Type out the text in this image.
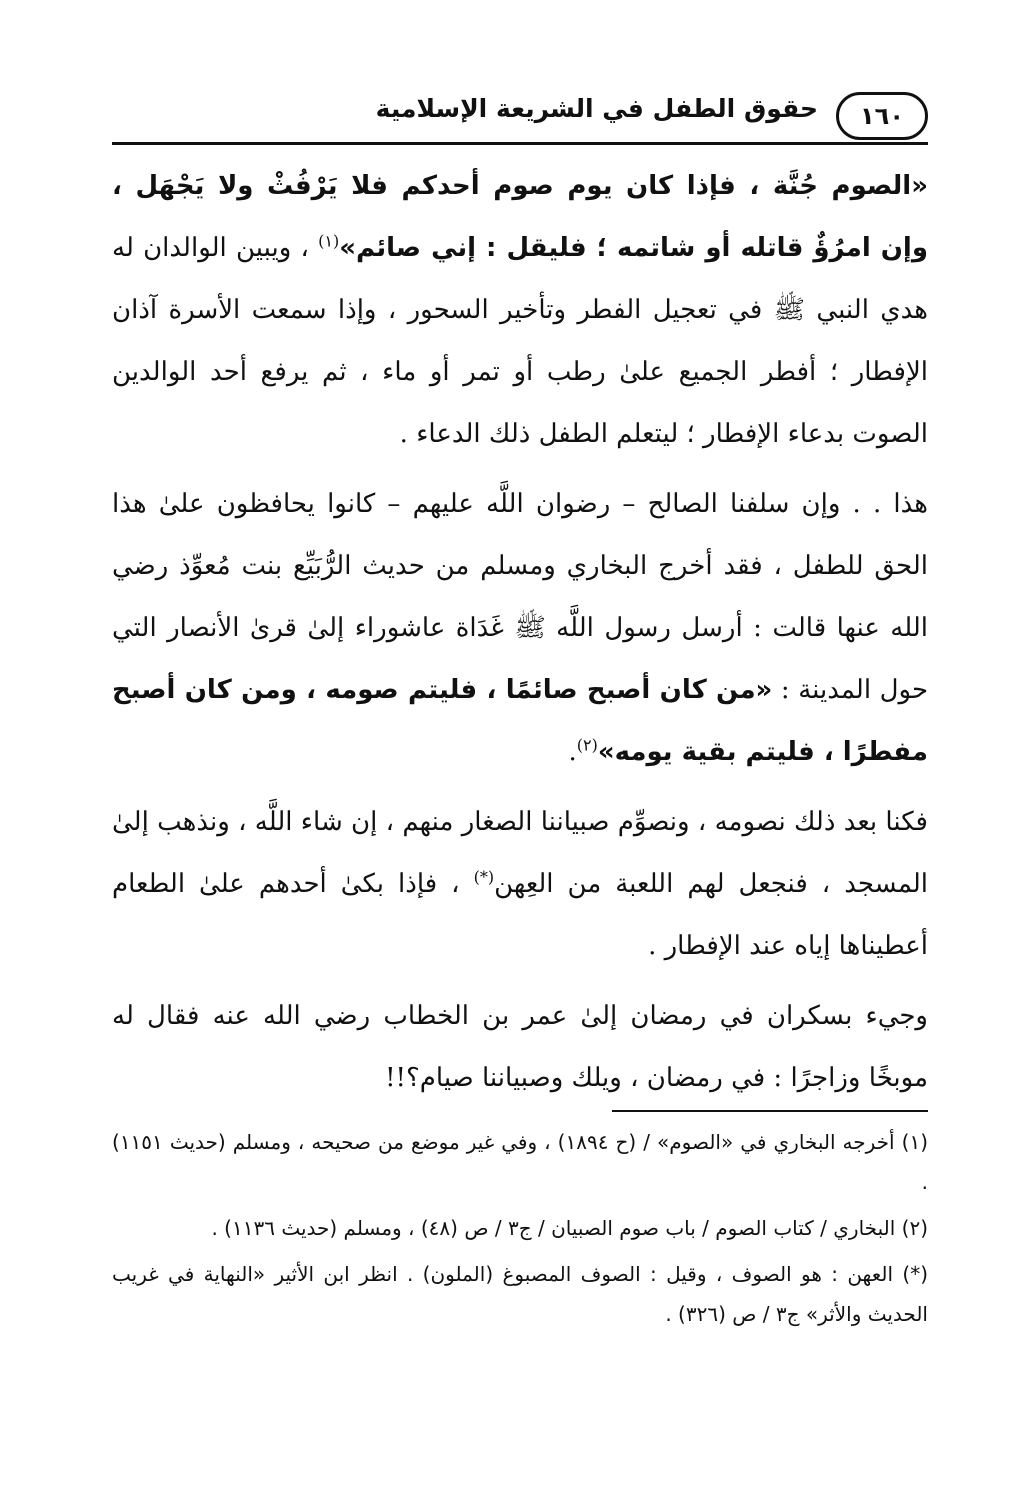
١٦٠
حقوق الطفل في الشريعة الإسلامية

«الصوم جُنَّة ، فإذا كان يوم صوم أحدكم فلا يَرْفُثْ ولا يَجْهَل ، وإن امرُؤٌ قاتله أو شاتمه ؛ فليقل : إني صائم»$^{(١)}$ ، ويبين الوالدان له هدي النبي ﷺ في تعجيل الفطر وتأخير السحور ، وإذا سمعت الأسرة آذان الإفطار ؛ أفطر الجميع علىٰ رطب أو تمر أو ماء ، ثم يرفع أحد الوالدين الصوت بدعاء الإفطار ؛ ليتعلم الطفل ذلك الدعاء .

هذا . . وإن سلفنا الصالح – رضوان اللَّه عليهم – كانوا يحافظون علىٰ هذا الحق للطفل ، فقد أخرج البخاري ومسلم من حديث الرُّبَيِّع بنت مُعوِّذ رضي الله عنها قالت : أرسل رسول اللَّه ﷺ غَدَاة عاشوراء إلىٰ قرىٰ الأنصار التي حول المدينة : «من كان أصبح صائمًا ، فليتم صومه ، ومن كان أصبح مفطرًا ، فليتم بقية يومه»$^{(٢)}$.

فكنا بعد ذلك نصومه ، ونصوِّم صبياننا الصغار منهم ، إن شاء اللَّه ، ونذهب إلىٰ المسجد ، فنجعل لهم اللعبة من العِهن(*) ، فإذا بكىٰ أحدهم علىٰ الطعام أعطيناها إياه عند الإفطار .

وجيء بسكران في رمضان إلىٰ عمر بن الخطاب رضي الله عنه فقال له موبخًا وزاجرًا : في رمضان ، ويلك وصبياننا صيام؟!!

(١) أخرجه البخاري في «الصوم» / (ح ١٨٩٤) ، وفي غير موضع من صحيحه ، ومسلم (حديث ١١٥١) .

(٢) البخاري / كتاب الصوم / باب صوم الصبيان / ج٣ / ص (٤٨) ، ومسلم (حديث ١١٣٦) .

(*) العهن : هو الصوف ، وقيل : الصوف المصبوغ (الملون) . انظر ابن الأثير «النهاية في غريب الحديث والأثر» ج٣ / ص (٣٢٦) .
